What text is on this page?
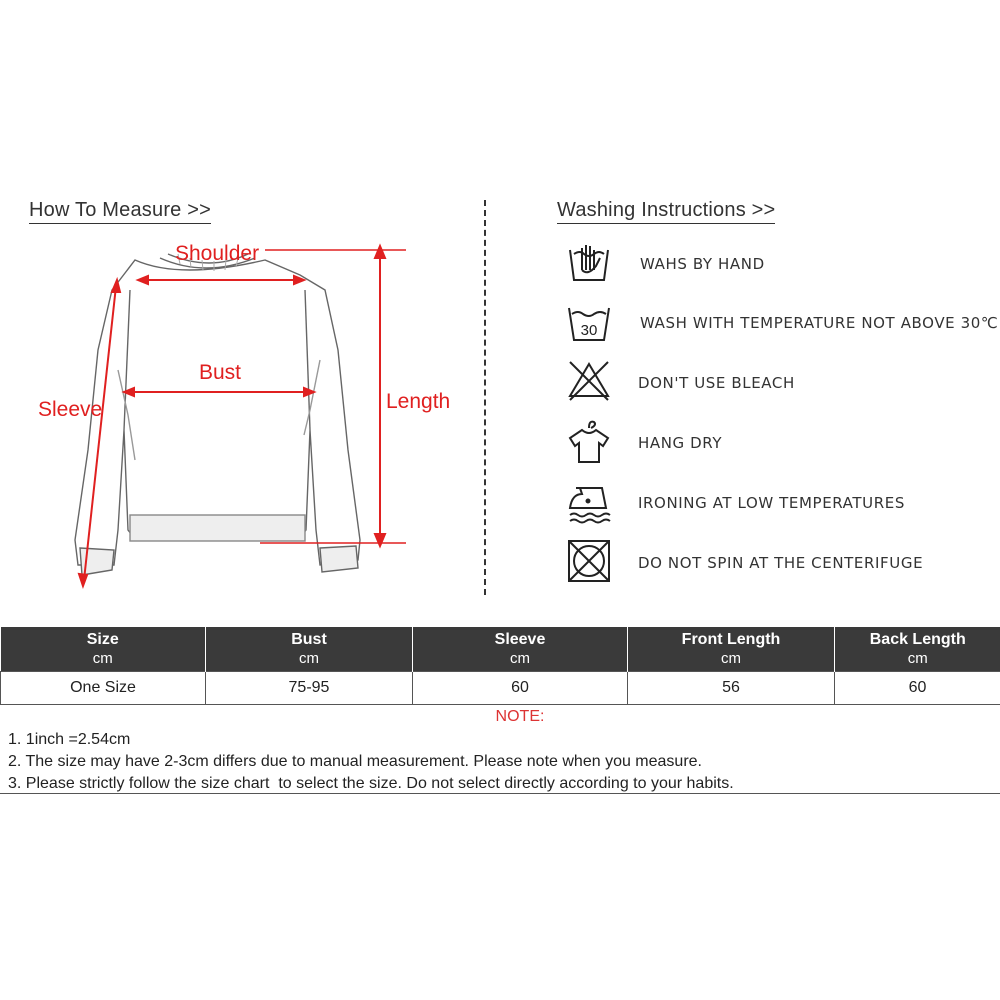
How To Measure >>
Shoulder
Bust
Sleeve	Length
Washing Instructions >>
WAHS BY HAND
30	WASH WITH TEMPERATURE NOT ABOVE 30℃
DON'T USE BLEACH
HANG DRY
IRONING AT LOW TEMPERATURES
DO NOT SPIN AT THE CENTERIFUGE
Size	Bust	Sleeve	Front Length	Back Length
cm	cm	cm	cm	cm
One Size	75-95	60	56	60
NOTE:
1. 1inch =2.54cm
2. The size may have 2-3cm differs due to manual measurement. Please note when you measure.
3. Please strictly follow the size chart  to select the size. Do not select directly according to your habits.
